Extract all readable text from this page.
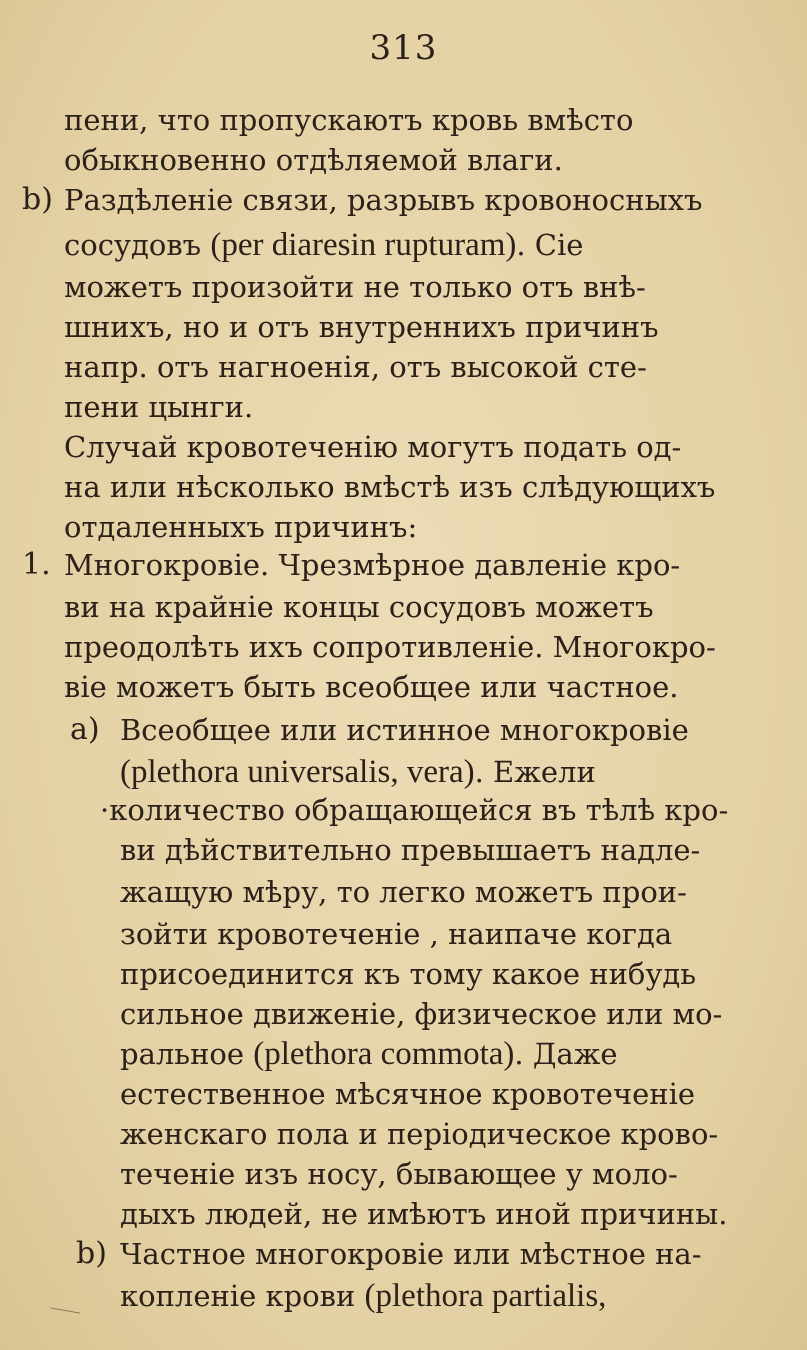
313
пени, что пропускаютъ кровь вмѣсто
обыкновенно отдѣляемой влаги.
b) Раздѣленіе связи, разрывъ кровоносныхъ
сосудовъ (per diaresin rupturam). Сіе
можетъ произойти не только отъ внѣ-
шнихъ, но и отъ внутреннихъ причинъ
напр. отъ нагноенія, отъ высокой сте-
пени цынги.
Случай кровотеченію могутъ подать од-
на или нѣсколько вмѣстѣ изъ слѣдующихъ
отдаленныхъ причинъ:
1. Многокровіе. Чрезмѣрное давленіе кро-
ви на крайніе концы сосудовъ можетъ
преодолѣть ихъ сопротивленіе. Многокро-
віе можетъ быть всеобщее или частное.
a) Всеобщее или истинное многокровіе
(plethora universalis, vera). Ежели
·количество обращающейся въ тѣлѣ кро-
ви дѣйствительно превышаетъ надле-
жащую мѣру, то легко можетъ прои-
зойти кровотеченіе , наипаче когда
присоединится къ тому какое нибудь
сильное движеніе, физическое или мо-
ральное (plethora commota). Даже
естественное мѣсячное кровотеченіе
женскаго пола и періодическое крово-
теченіе изъ носу, бывающее у моло-
дыхъ людей, не имѣютъ иной причины.
b) Частное многокровіе или мѣстное на-
копленіе крови (plethora partialis,
